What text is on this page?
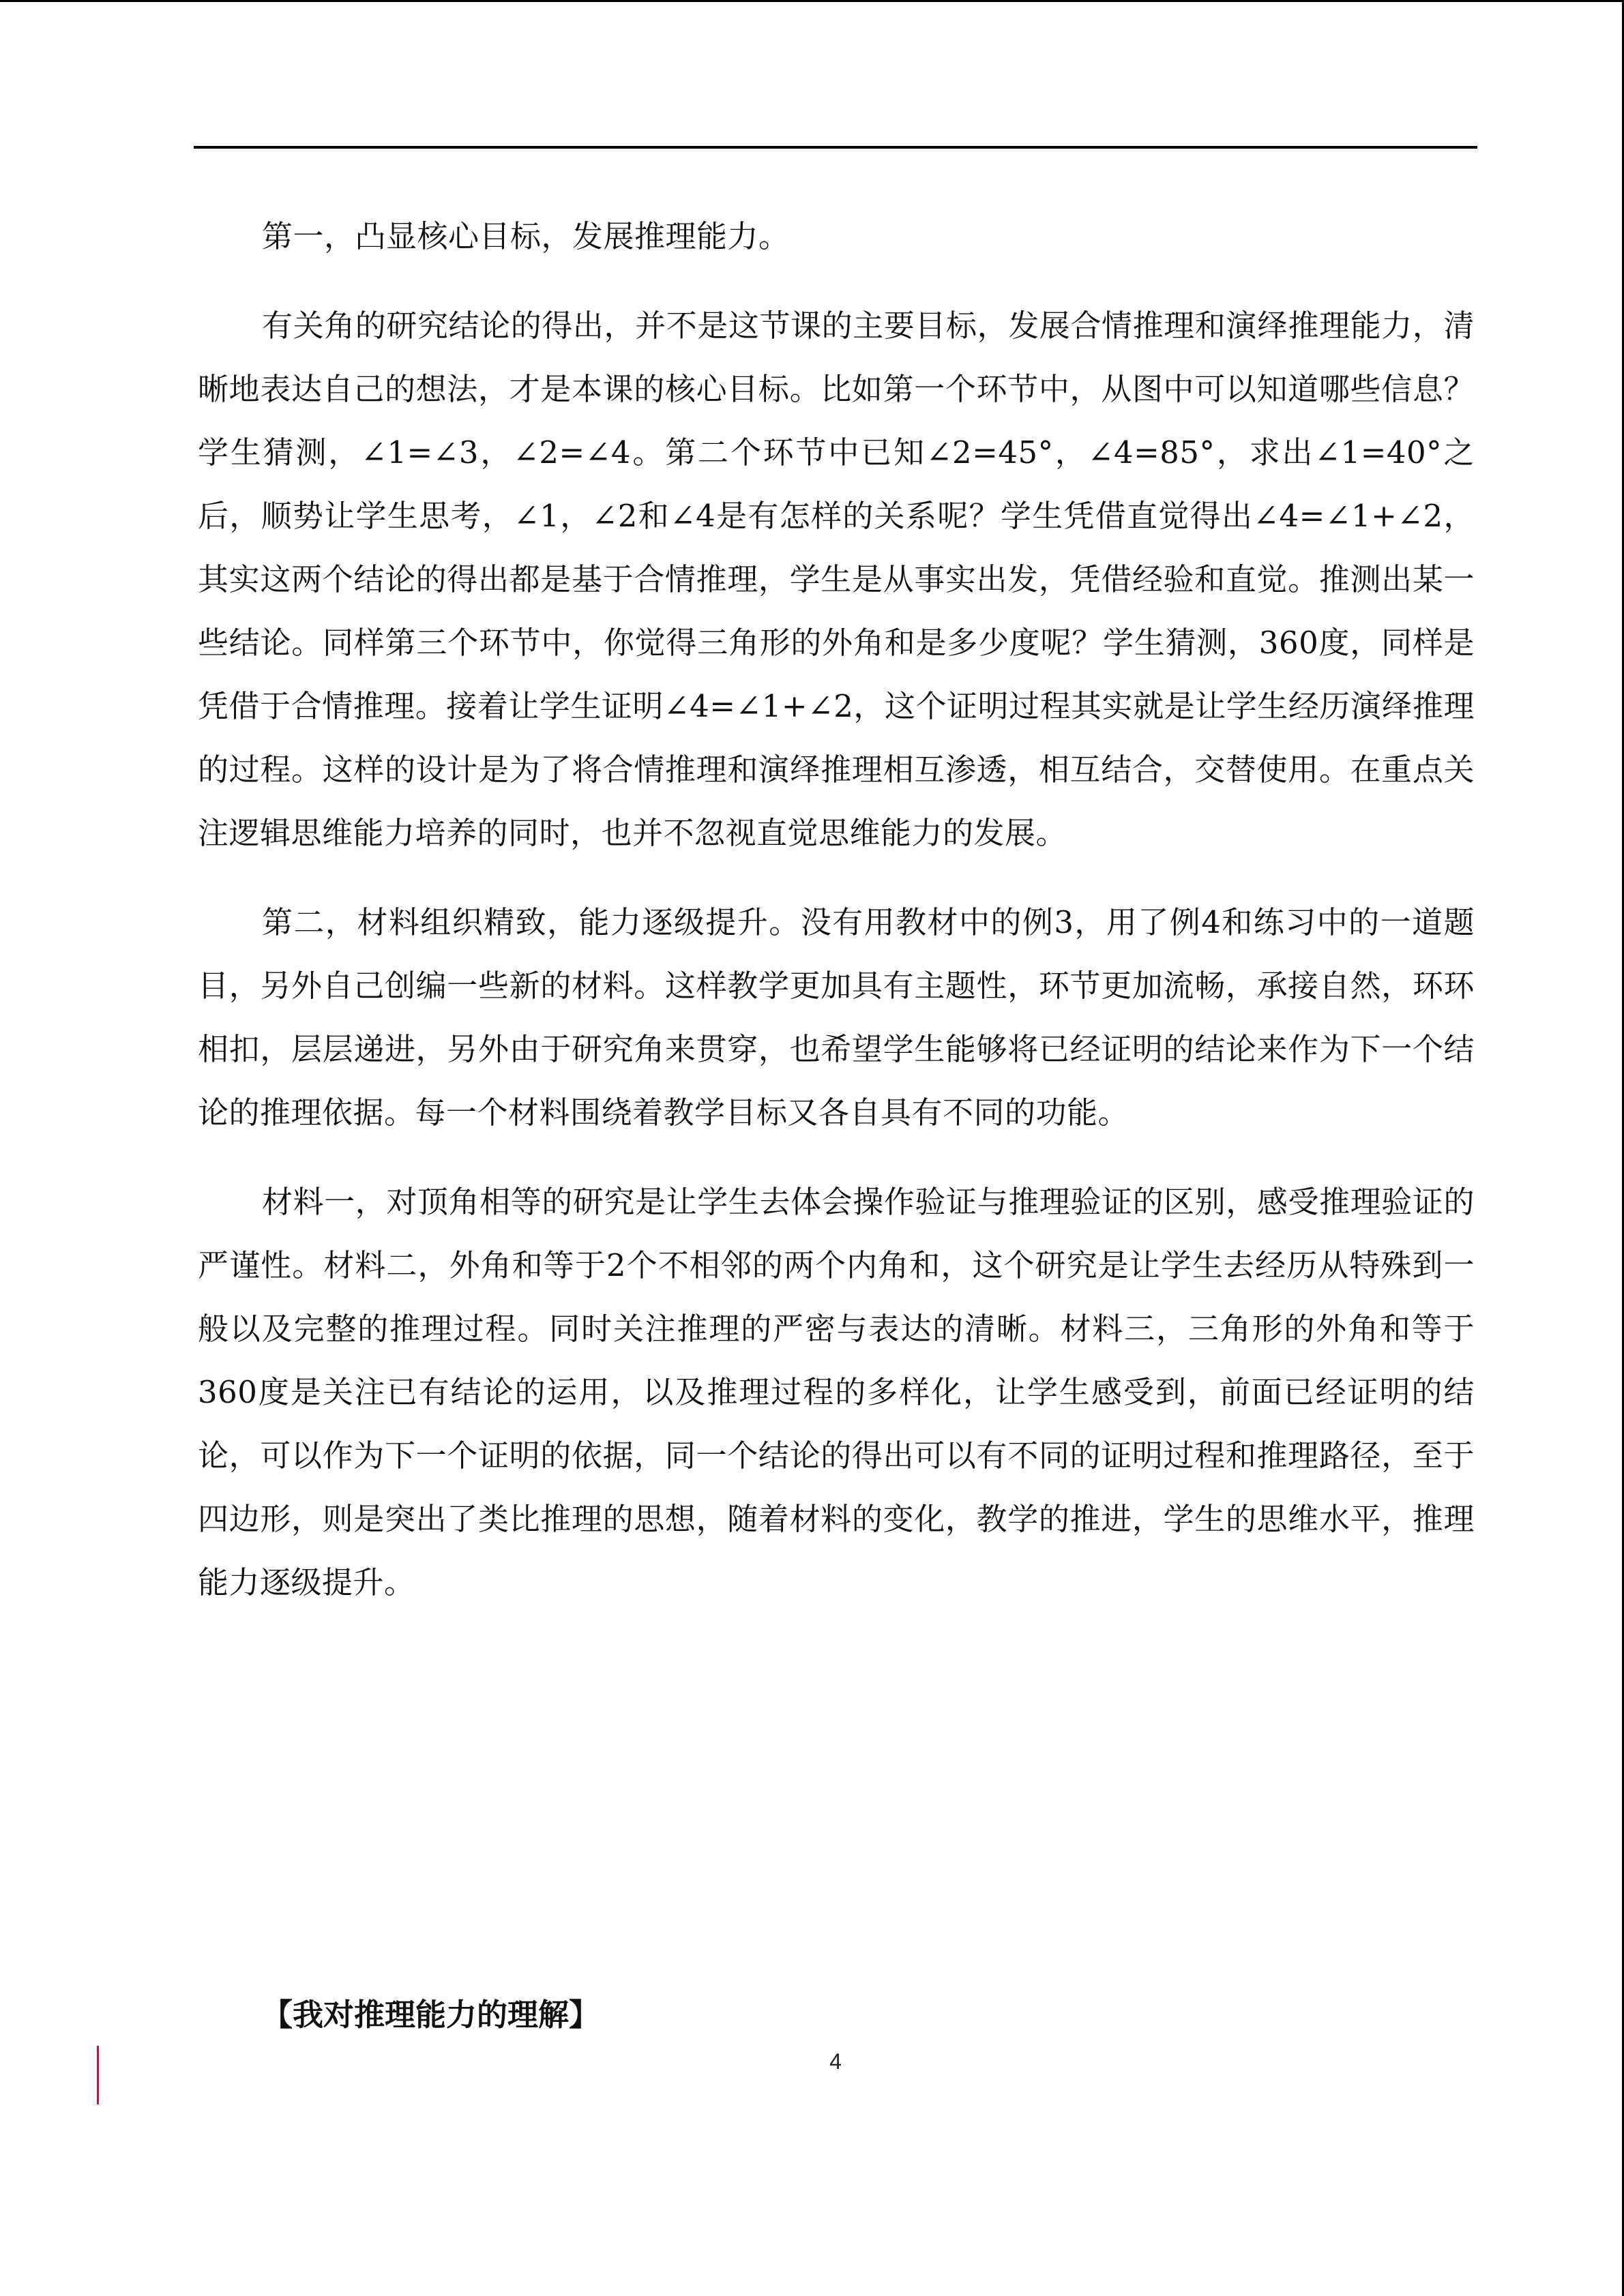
第一，凸显核心目标，发展推理能力。

有关角的研究结论的得出，并不是这节课的主要目标，发展合情推理和演绎推理能力，清晰地表达自己的想法，才是本课的核心目标。比如第一个环节中，从图中可以知道哪些信息？学生猜测，∠1=∠3，∠2=∠4。第二个环节中已知∠2=45°，∠4=85°，求出∠1=40°之后，顺势让学生思考，∠1，∠2和∠4是有怎样的关系呢？学生凭借直觉得出∠4=∠1+∠2，其实这两个结论的得出都是基于合情推理，学生是从事实出发，凭借经验和直觉。推测出某一些结论。同样第三个环节中，你觉得三角形的外角和是多少度呢？学生猜测，360度，同样是凭借于合情推理。接着让学生证明∠4=∠1+∠2，这个证明过程其实就是让学生经历演绎推理的过程。这样的设计是为了将合情推理和演绎推理相互渗透，相互结合，交替使用。在重点关注逻辑思维能力培养的同时，也并不忽视直觉思维能力的发展。

第二，材料组织精致，能力逐级提升。没有用教材中的例3，用了例4和练习中的一道题目，另外自己创编一些新的材料。这样教学更加具有主题性，环节更加流畅，承接自然，环环相扣，层层递进，另外由于研究角来贯穿，也希望学生能够将已经证明的结论来作为下一个结论的推理依据。每一个材料围绕着教学目标又各自具有不同的功能。

材料一，对顶角相等的研究是让学生去体会操作验证与推理验证的区别，感受推理验证的严谨性。材料二，外角和等于2个不相邻的两个内角和，这个研究是让学生去经历从特殊到一般以及完整的推理过程。同时关注推理的严密与表达的清晰。材料三，三角形的外角和等于360度是关注已有结论的运用，以及推理过程的多样化，让学生感受到，前面已经证明的结论，可以作为下一个证明的依据，同一个结论的得出可以有不同的证明过程和推理路径，至于四边形，则是突出了类比推理的思想，随着材料的变化，教学的推进，学生的思维水平，推理能力逐级提升。

【我对推理能力的理解】
4
